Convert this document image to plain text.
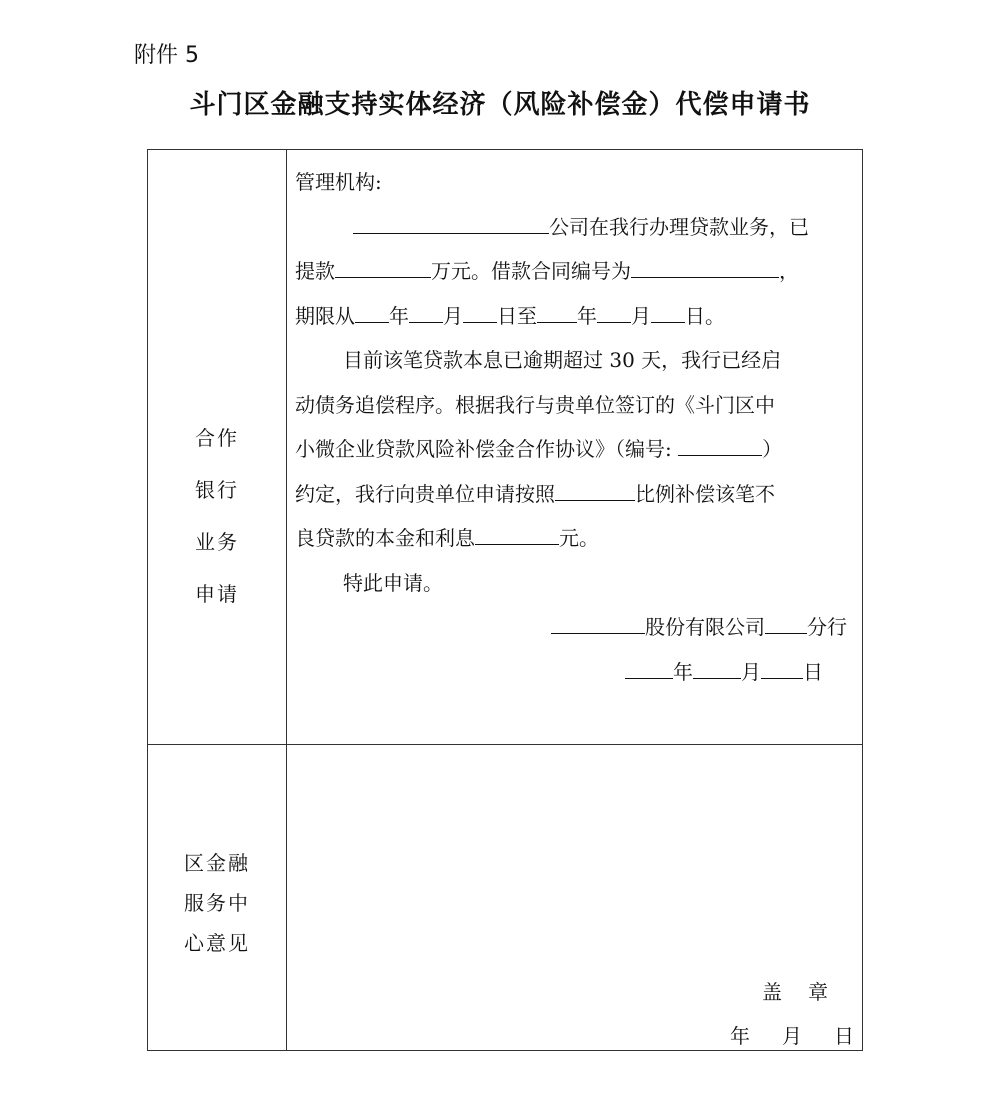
附件 5
斗门区金融支持实体经济（风险补偿金）代偿申请书
合作
银行
业务
申请
管理机构:
公司在我行办理贷款业务，已
提款	万元。借款合同编号为	，
期限从 年 月 日至 年 月 日。
目前该笔贷款本息已逾期超过 30 天，我行已经启
动债务追偿程序。根据我行与贵单位签订的《斗门区中
小微企业贷款风险补偿金合作协议》（编号:	）
约定，我行向贵单位申请按照	比例补偿该笔不
良贷款的本金和利息	元。
特此申请。
股份有限公司 分行
年 月 日
区金融
服务中
心意见
盖章
年 月 日
